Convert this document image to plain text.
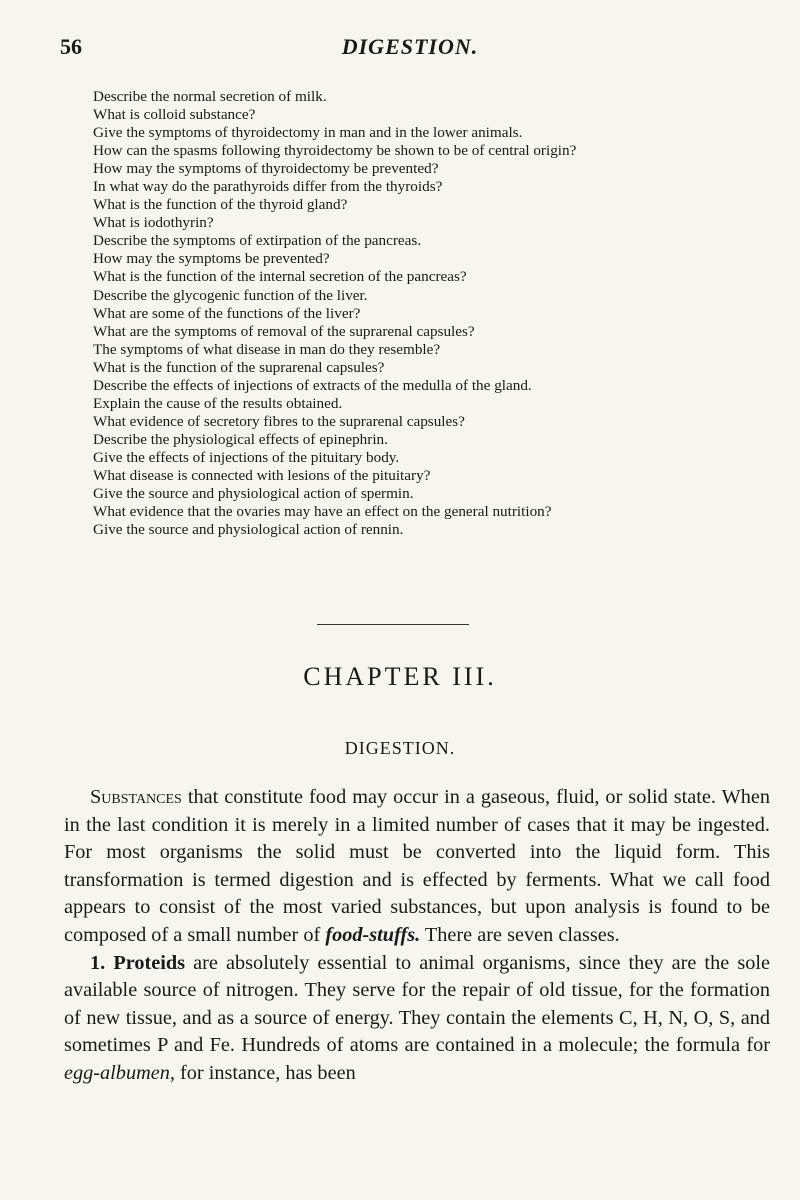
56	DIGESTION.

Describe the normal secretion of milk.

What is colloid substance?

Give the symptoms of thyroidectomy in man and in the lower animals.

How can the spasms following thyroidectomy be shown to be of central origin?

How may the symptoms of thyroidectomy be prevented?

In what way do the parathyroids differ from the thyroids?

What is the function of the thyroid gland?

What is iodothyrin?

Describe the symptoms of extirpation of the pancreas.

How may the symptoms be prevented?

What is the function of the internal secretion of the pancreas?

Describe the glycogenic function of the liver.

What are some of the functions of the liver?

What are the symptoms of removal of the suprarenal capsules?

The symptoms of what disease in man do they resemble?

What is the function of the suprarenal capsules?

Describe the effects of injections of extracts of the medulla of the gland.

Explain the cause of the results obtained.

What evidence of secretory fibres to the suprarenal capsules?

Describe the physiological effects of epinephrin.

Give the effects of injections of the pituitary body.

What disease is connected with lesions of the pituitary?

Give the source and physiological action of spermin.

What evidence that the ovaries may have an effect on the general nutrition?

Give the source and physiological action of rennin.

CHAPTER III.
DIGESTION.

Substances that constitute food may occur in a gaseous, fluid, or solid state. When in the last condition it is merely in a limited number of cases that it may be ingested. For most organisms the solid must be converted into the liquid form. This transformation is termed digestion and is effected by ferments. What we call food appears to consist of the most varied substances, but upon analysis is found to be composed of a small number of food-stuffs. There are seven classes.

1. Proteids are absolutely essential to animal organisms, since they are the sole available source of nitrogen. They serve for the repair of old tissue, for the formation of new tissue, and as a source of energy. They contain the elements C, H, N, O, S, and sometimes P and Fe. Hundreds of atoms are contained in a molecule; the formula for egg-albumen, for instance, has been
